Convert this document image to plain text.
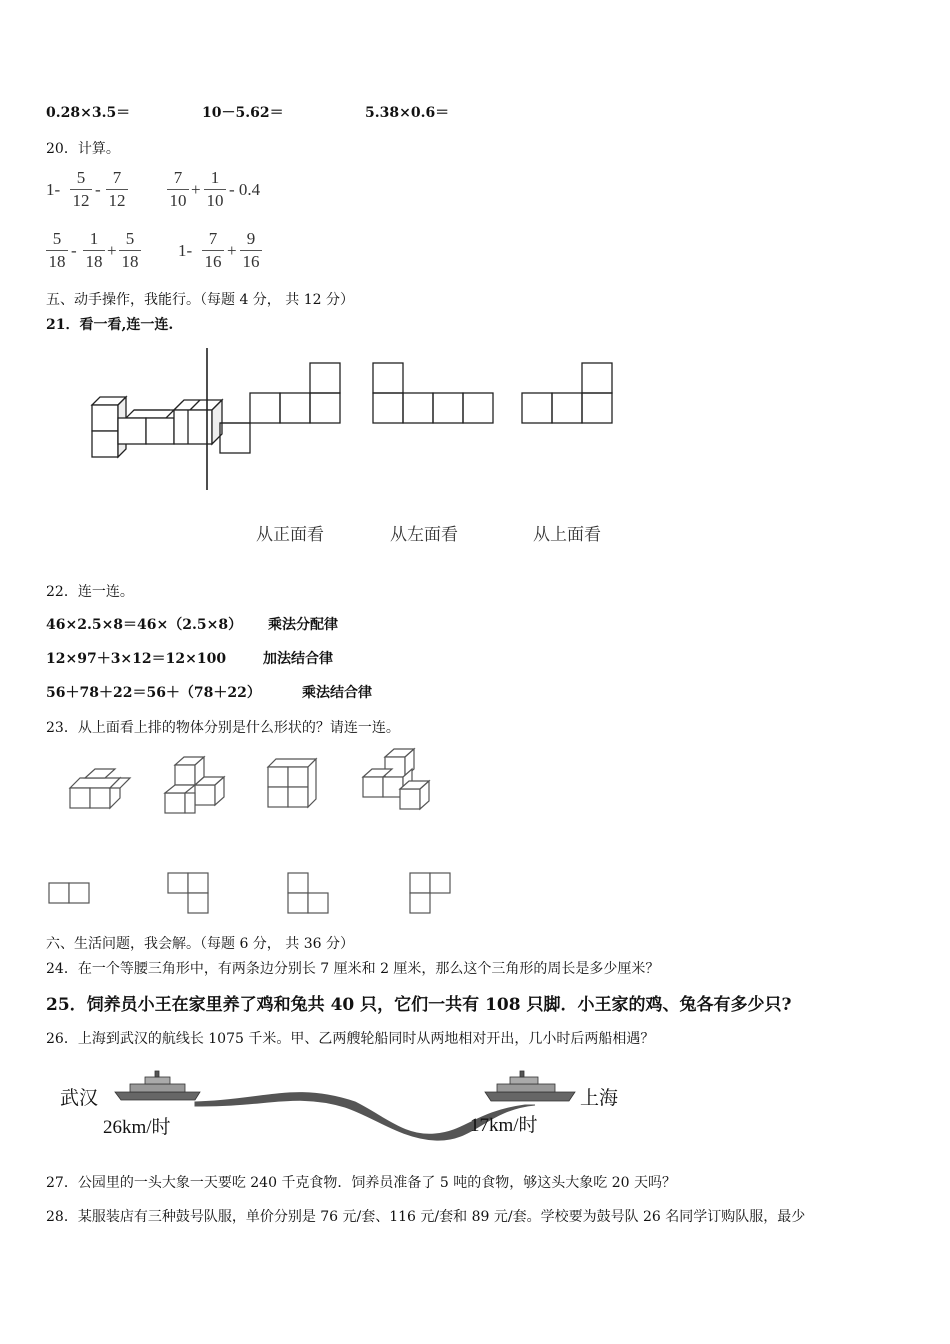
0.28×3.5＝	10－5.62＝	5.38×0.6＝
20．计算。
1-
5
12
-
7
12
7
10
+
1
10
- 0.4
5
18
-
1
18
+
5
18
1-
7
16
+
9
16
五、动手操作，我能行。（每题 4 分， 共 12 分）
21．看一看,连一连.
从正面看	从左面看	从上面看
22．连一连。
46×2.5×8＝46×（2.5×8） 乘法分配律
12×97＋3×12＝12×100	加法结合律
56＋78＋22＝56＋（78＋22）	乘法结合律
23．从上面看上排的物体分别是什么形状的？请连一连。
六、生活问题，我会解。（每题 6 分， 共 36 分）
24．在一个等腰三角形中，有两条边分别长 7 厘米和 2 厘米，那么这个三角形的周长是多少厘米？
25．饲养员小王在家里养了鸡和兔共 40 只，它们一共有 108 只脚．小王家的鸡、兔各有多少只?
26．上海到武汉的航线长 1075 千米。甲、乙两艘轮船同时从两地相对开出，几小时后两船相遇？
武汉	上海
26km/时	17km/时
27．公园里的一头大象一天要吃 240 千克食物．饲养员准备了 5 吨的食物，够这头大象吃 20 天吗？
28．某服装店有三种鼓号队服，单价分别是 76 元/套、116 元/套和 89 元/套。学校要为鼓号队 26 名同学订购队服，最少
